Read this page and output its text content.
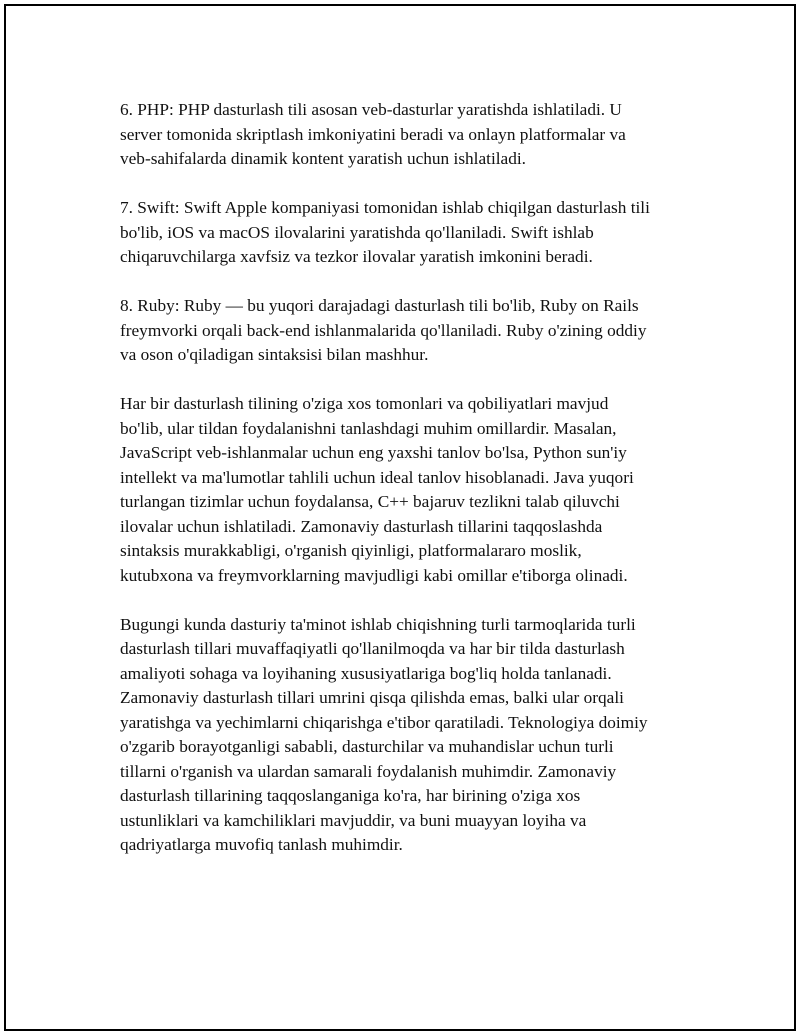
6. PHP: PHP dasturlash tili asosan veb-dasturlar yaratishda ishlatiladi. U
server tomonida skriptlash imkoniyatini beradi va onlayn platformalar va
veb-sahifalarda dinamik kontent yaratish uchun ishlatiladi.

7. Swift: Swift Apple kompaniyasi tomonidan ishlab chiqilgan dasturlash tili
bo'lib, iOS va macOS ilovalarini yaratishda qo'llaniladi. Swift ishlab
chiqaruvchilarga xavfsiz va tezkor ilovalar yaratish imkonini beradi.

8. Ruby: Ruby — bu yuqori darajadagi dasturlash tili bo'lib, Ruby on Rails
freymvorki orqali back-end ishlanmalarida qo'llaniladi. Ruby o'zining oddiy
va oson o'qiladigan sintaksisi bilan mashhur.

Har bir dasturlash tilining o'ziga xos tomonlari va qobiliyatlari mavjud
bo'lib, ular tildan foydalanishni tanlashdagi muhim omillardir. Masalan,
JavaScript veb-ishlanmalar uchun eng yaxshi tanlov bo'lsa, Python sun'iy
intellekt va ma'lumotlar tahlili uchun ideal tanlov hisoblanadi. Java yuqori
turlangan tizimlar uchun foydalansa, C++ bajaruv tezlikni talab qiluvchi
ilovalar uchun ishlatiladi. Zamonaviy dasturlash tillarini taqqoslashda
sintaksis murakkabligi, o'rganish qiyinligi, platformalararo moslik,
kutubxona va freymvorklarning mavjudligi kabi omillar e'tiborga olinadi.

Bugungi kunda dasturiy ta'minot ishlab chiqishning turli tarmoqlarida turli
dasturlash tillari muvaffaqiyatli qo'llanilmoqda va har bir tilda dasturlash
amaliyoti sohaga va loyihaning xususiyatlariga bog'liq holda tanlanadi.
Zamonaviy dasturlash tillari umrini qisqa qilishda emas, balki ular orqali
yaratishga va yechimlarni chiqarishga e'tibor qaratiladi. Teknologiya doimiy
o'zgarib borayotganligi sababli, dasturchilar va muhandislar uchun turli
tillarni o'rganish va ulardan samarali foydalanish muhimdir. Zamonaviy
dasturlash tillarining taqqoslanganiga ko'ra, har birining o'ziga xos
ustunliklari va kamchiliklari mavjuddir, va buni muayyan loyiha va
qadriyatlarga muvofiq tanlash muhimdir.
